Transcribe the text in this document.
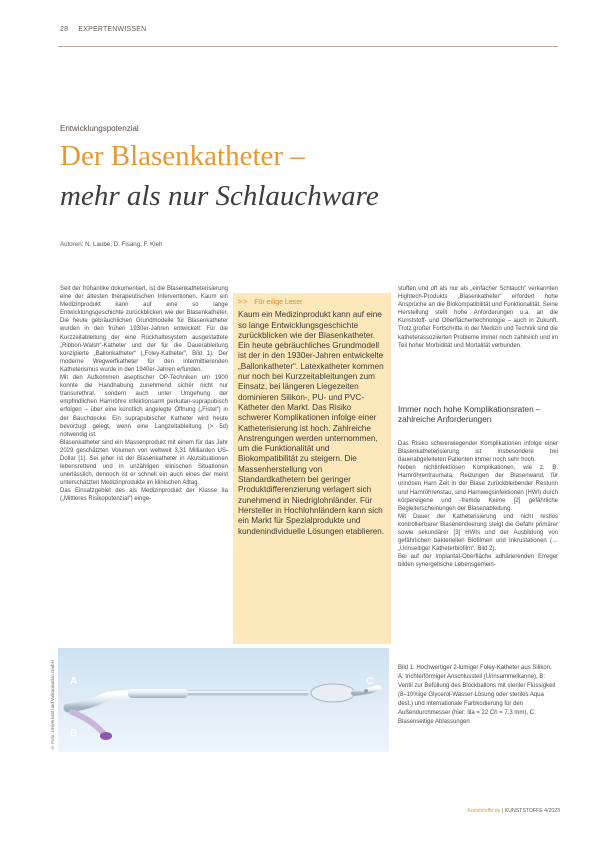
28 EXPERTENWISSEN
Entwicklungspotenzial
Der Blasenkatheter –
mehr als nur Schlauchware
Autoren: N. Laube, D. Fisang, F. Kleh

Seit der frühantike dokumentiert, ist die Blasenkatheterisierung eine der ältesten therapeutischen Interventionen. Kaum ein Medizinprodukt kann auf eine so lange Entwicklungsgeschichte zurückblicken wie der Blasenkatheter. Die heute gebräuchlichen Grundmodelle für Blasenkatheter wurden in den frühen 1930er-Jahren entwickelt: Für die Kurzzeitableitung der eine Rückhaltesystem ausgestattete „Ribbon-Walsh“-Katheter und der für die Dauerableitung konzipierte „Ballonkatheter“ („Foley-Katheter“, Bild 1). Der moderne Wegwerfkatheter für den intermittierenden Katheterismus wurde in den 1940er-Jahren erfunden.

Mit den Aufkommen aseptischer OP-Techniken um 1900 konnte die Handhabung zunehmend sicher nicht nur transurethral, sondern auch unter Umgehung der empfindlichen Harnröhre infektionsarm perkutan-suprapubisch erfolgen – über eine künstlich angelegte Öffnung („Fistel“) in der Bauchdecke. Ein suprapubischer Katheter wird heute bevorzugt gelegt, wenn eine Langzeitableitung (> 5d) notwendig ist.

Blasenkatheter sind ein Massenprodukt mit einem für das Jahr 2029 geschätzten Volumen von weltweit 3,31 Milliarden US-Dollar [1]. Sei jeher ist der Blasenkatheter in Akutsituationen lebensrettend und in unzähligen klinischen Situationen unerlässlich, dennoch ist er schnell ein auch eines der meist unterschätzten Medizinprodukte im klinischen Alltag.

Das Einsatzgebiet des als Medizinprodukt der Klasse IIa („Mittleres Risikopotenzial“) einge-

>> Für eilige Leser
Kaum ein Medizinprodukt kann auf eine so lange Entwicklungsgeschichte zurückblicken wie der Blasenkatheter. Ein heute gebräuchliches Grundmodell ist der in den 1930er-Jahren entwickelte „Ballonkatheter“. Latexkatheter kommen nur noch bei Kurzzeitableitungen zum Einsatz, bei längeren Liegezeiten dominieren Silikon-, PU- und PVC-Katheter den Markt. Das Risiko schwerer Komplikationen infolge einer Katheterisierung ist hoch. Zahlreiche Anstrengungen werden unternommen, um die Funktionalität und Biokompatibilität zu steigern. Die Massenherstellung von Standardkathetern bei geringer Produktdifferenzierung verlagert sich zunehmend in Niedriglohnländer. Für Hersteller in Hochlohnländern kann sich ein Markt für Spezialprodukte und kundenindividuelle Lösungen etablieren.

stuften und oft als nur als „einfacher Schlauch“ verkannten Hightech-Produkts „Blasenkatheter“ erfordert hohe Ansprüche an die Biokompatibilität und Funktionalität. Seine Herstellung stellt hohe Anforderungen u.a. an die Kunststoff- und Oberflächentechnologie – auch in Zukunft. Trotz großer Fortschritte in der Medizin und Technik sind die katheterassoziierten Probleme immer noch zahlreich und im Teil hoher Morbidität und Mortalität verbunden.

Immer noch hohe Komplikationsraten – zahlreiche Anforderungen

Das Risiko schwerwiegender Komplikationen infolge einer Blasenkatheterisierung ist insbesondere bei dauerabgeleiteten Patienten immer noch sehr hoch.

Neben nichtinfektiösen Komplikationen, wie z. B. Harnröhrentraumata, Reizungen der Blasenwand, für urinösen Harn Zeit in der Blase zurückbleibender Resturin und Harnröhrenstau, sind Harnwegsinfektionen (HWI) durch körpereigene und -fremde Keime [2] gefährliche Begleiterscheinungen der Blasenableitung.

Mit Dauer der Katheterisierung und nicht restlos kontrollierbarer Blasenentleerung steigt die Gefahr primärer sowie sekundärer [3] HWIs und der Ausbildung von gefährlichen bakteriellen Biofilmen und Inkrustationen (→ „Urinseitiger Katheterbiofilm“, Bild 2).

Bei auf der Implantat-Oberfläche adhärierenden Erreger bilden synergetische Lebensgemein-

A
B
C
© Foto: Univeristät und Vulkanisation GmbH	Bild 1: Hochwertiger 2-lumiger Foley-Katheter aus Silikon. A: trichterförmiger Anschlussteil (Urinsammelkanne), B: Ventil zur Befüllung des Blockballons mit steriler Flüssigkeit (8–10%ige Glycerol-Wasser-Lösung oder steriles Aqua dest.) und internationale Farbkodierung für den Außendurchmesser (hier: lila = 22 Ch = 7,3 mm), C: Blasenseitige Ablassungen
Kunststoffe.de | KUNSTSTOFFE 4/2023
